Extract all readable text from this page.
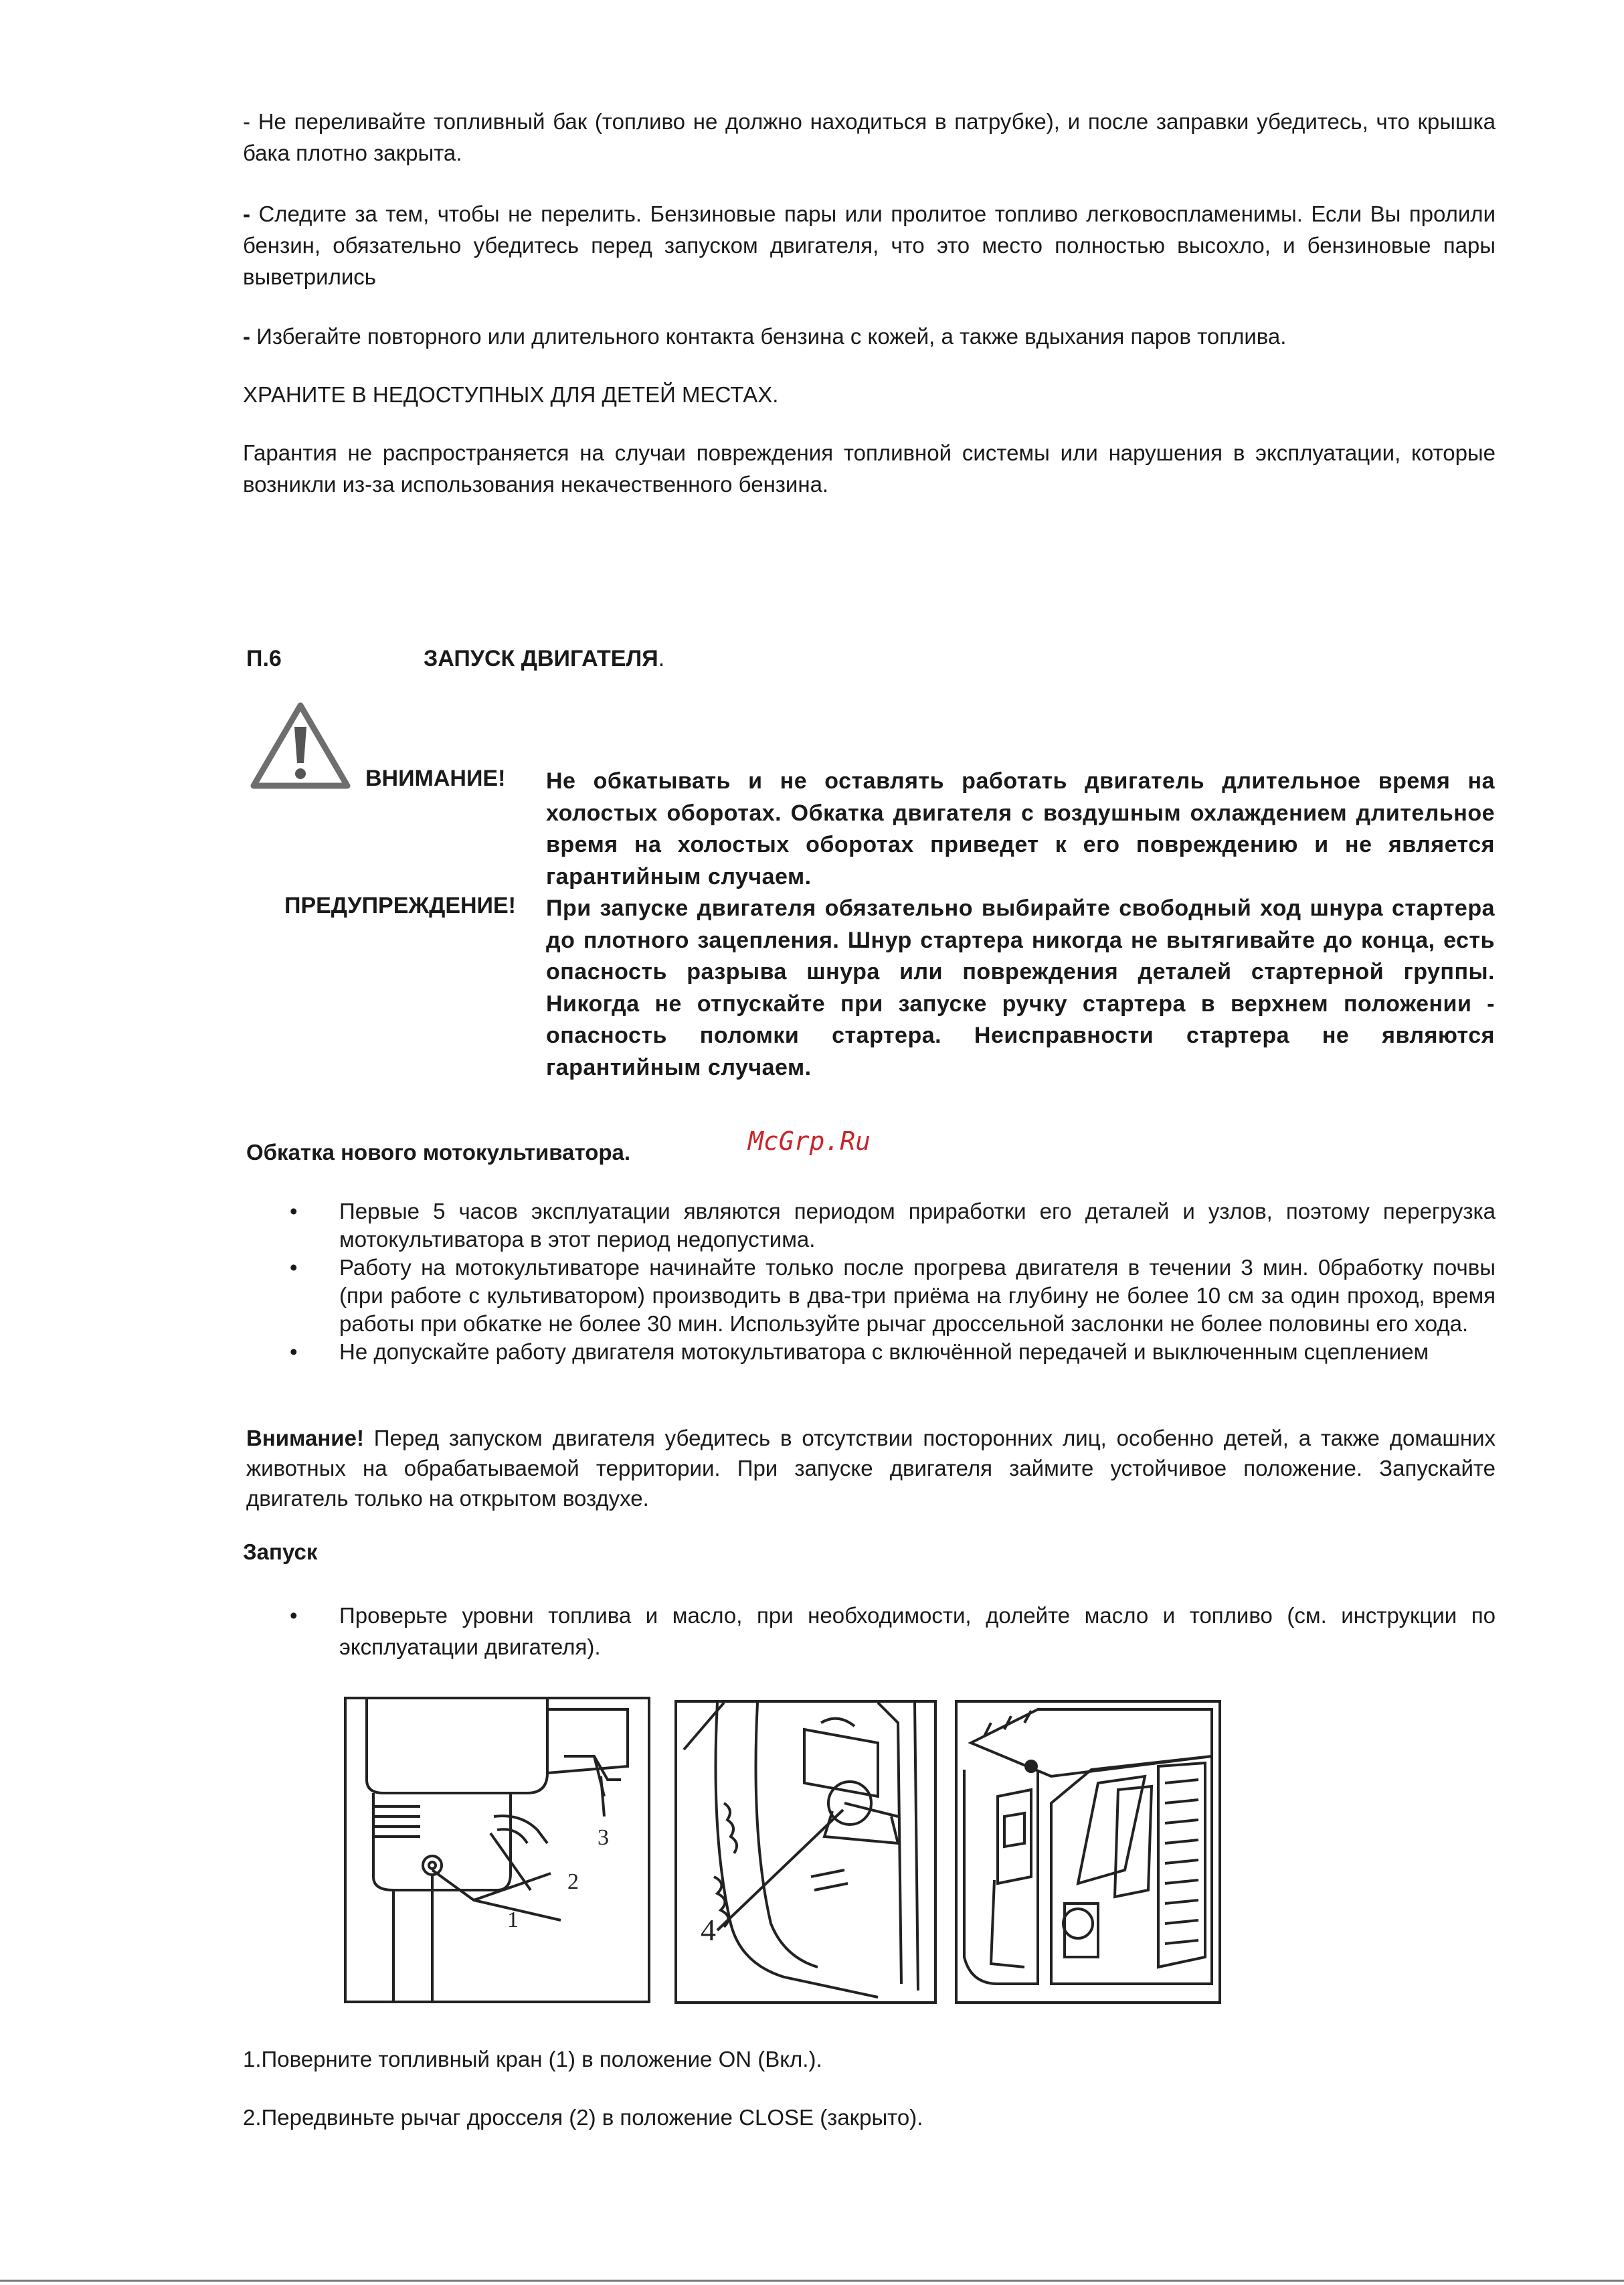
- Не переливайте топливный бак (топливо не должно находиться в патрубке), и после заправки убедитесь, что крышка бака плотно закрыта.

- Следите за тем, чтобы не перелить. Бензиновые пары или пролитое топливо легковоспламенимы. Если Вы пролили бензин, обязательно убедитесь перед запуском двигателя, что это место полностью высохло, и бензиновые пары выветрились

- Избегайте повторного или длительного контакта бензина с кожей, а также вдыхания паров топлива.

ХРАНИТЕ В НЕДОСТУПНЫХ ДЛЯ ДЕТЕЙ МЕСТАХ.

Гарантия не распространяется на случаи повреждения топливной системы или нарушения в эксплуатации, которые возникли из-за использования некачественного бензина.

П.6	ЗАПУСК ДВИГАТЕЛЯ.
ВНИМАНИЕ! Не обкатывать и не оставлять работать двигатель длительное время на холостых оборотах. Обкатка двигателя с воздушным охлаждением длительное время на холостых оборотах приведет к его повреждению и не является гарантийным случаем.
ПРЕДУПРЕЖДЕНИЕ! При запуске двигателя обязательно выбирайте свободный ход шнура стартера до плотного зацепления. Шнур стартера никогда не вытягивайте до конца, есть опасность разрыва шнура или повреждения деталей стартерной группы. Никогда не отпускайте при запуске ручку стартера в верхнем положении - опасность поломки стартера. Неисправности стартера не являются гарантийным случаем.
Обкатка нового мотокультиватора.	McGrp.Ru
• Первые 5 часов эксплуатации являются периодом приработки его деталей и узлов, поэтому перегрузка мотокультиватора в этот период недопустима.
• Работу на мотокультиваторе начинайте только после прогрева двигателя в течении 3 мин. 0бработку почвы (при работе с культиватором) производить в два-три приёма на глубину не более 10 см за один проход, время работы при обкатке не более 30 мин. Используйте рычаг дроссельной заслонки не более половины его хода.
• Не допускайте работу двигателя мотокультиватора с включённой передачей и выключенным сцеплением

Внимание! Перед запуском двигателя убедитесь в отсутствии посторонних лиц, особенно детей, а также домашних животных на обрабатываемой территории. При запуске двигателя займите устойчивое положение. Запускайте двигатель только на открытом воздухе.

Запуск
• Проверьте уровни топлива и масло, при необходимости, долейте масло и топливо (см. инструкции по эксплуатации двигателя).
3
2
1	4

1.Поверните топливный кран (1) в положение ON (Вкл.).

2.Передвиньте рычаг дросселя (2) в положение CLOSE (закрыто).
